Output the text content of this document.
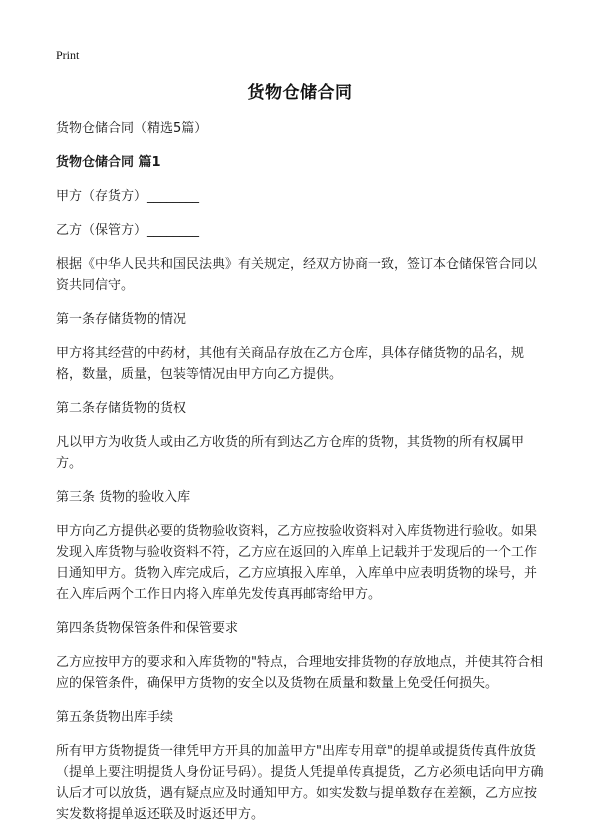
Print
货物仓储合同

货物仓储合同（精选5篇）

货物仓储合同 篇1

甲方（存货方）________

乙方（保管方）________

根据《中华人民共和国民法典》有关规定，经双方协商一致，签订本仓储保管合同以资共同信守。

第一条存储货物的情况

甲方将其经营的中药材，其他有关商品存放在乙方仓库，具体存储货物的品名，规格，数量，质量，包装等情况由甲方向乙方提供。

第二条存储货物的货权

凡以甲方为收货人或由乙方收货的所有到达乙方仓库的货物，其货物的所有权属甲方。

第三条 货物的验收入库

甲方向乙方提供必要的货物验收资料，乙方应按验收资料对入库货物进行验收。如果发现入库货物与验收资料不符，乙方应在返回的入库单上记载并于发现后的一个工作日通知甲方。货物入库完成后，乙方应填报入库单，入库单中应表明货物的垛号，并在入库后两个工作日内将入库单先发传真再邮寄给甲方。

第四条货物保管条件和保管要求

乙方应按甲方的要求和入库货物的"特点，合理地安排货物的存放地点，并使其符合相应的保管条件，确保甲方货物的安全以及货物在质量和数量上免受任何损失。

第五条货物出库手续

所有甲方货物提货一律凭甲方开具的加盖甲方"出库专用章"的提单或提货传真件放货（提单上要注明提货人身份证号码）。提货人凭提单传真提货，乙方必须电话向甲方确认后才可以放货，遇有疑点应及时通知甲方。如实发数与提单数存在差额，乙方应按实发数将提单返还联及时返还甲方。
